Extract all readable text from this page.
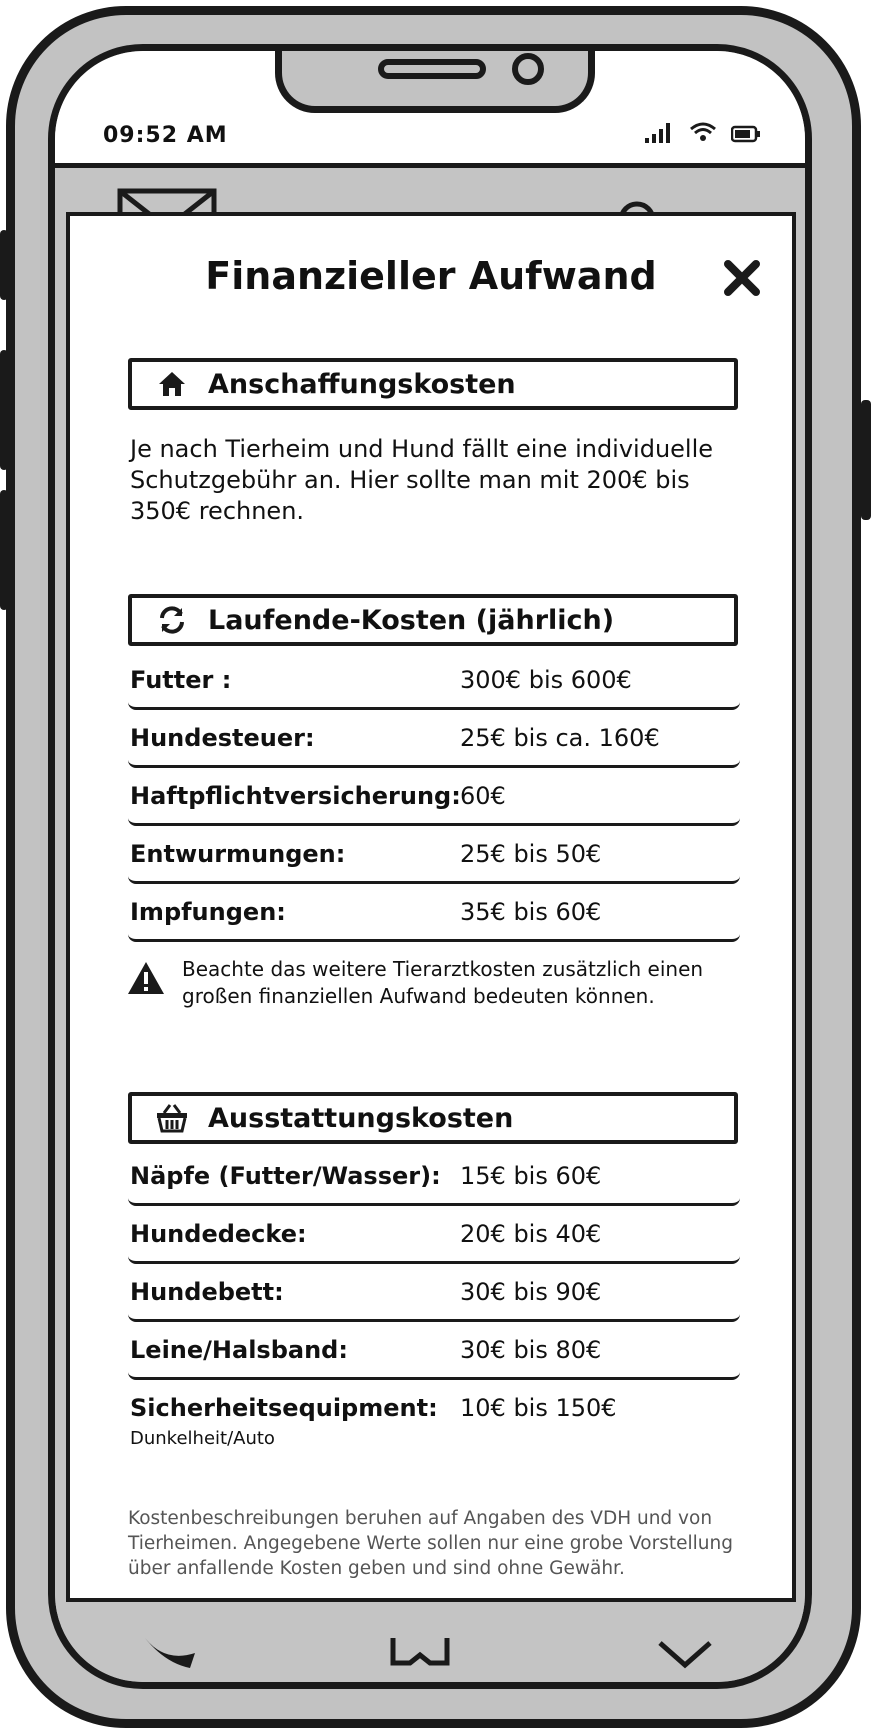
09:52 AM
Finanzieller Aufwand
Anschaffungskosten
Je nach Tierheim und Hund fällt eine individuelle Schutzgebühr an. Hier sollte man mit 200€ bis 350€ rechnen.
Laufende-Kosten (jährlich)
Futter :	300€ bis 600€
Hundesteuer:	25€ bis ca. 160€
Haftpflichtversicherung: 60€
Entwurmungen:	25€ bis 50€
Impfungen:	35€ bis 60€
Beachte das weitere Tierarztkosten zusätzlich einen großen finanziellen Aufwand bedeuten können.
Ausstattungskosten
Näpfe (Futter/Wasser): 15€ bis 60€
Hundedecke:	20€ bis 40€
Hundebett:	30€ bis 90€
Leine/Halsband:	30€ bis 80€
Sicherheitsequipment: 10€ bis 150€
Dunkelheit/Auto
Kostenbeschreibungen beruhen auf Angaben des VDH und von Tierheimen. Angegebene Werte sollen nur eine grobe Vorstellung über anfallende Kosten geben und sind ohne Gewähr.
